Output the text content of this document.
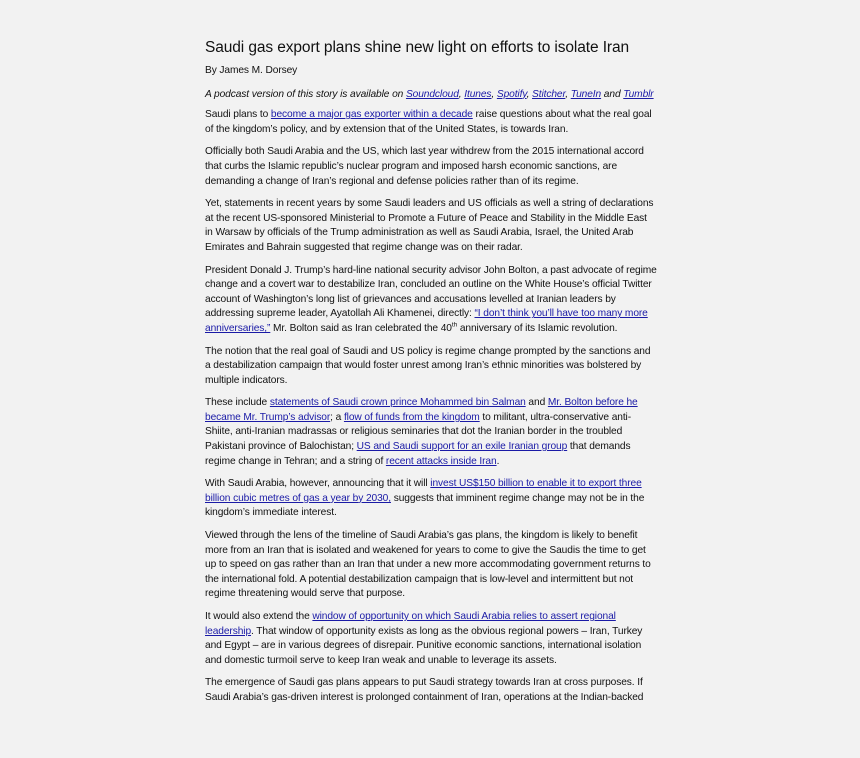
Saudi gas export plans shine new light on efforts to isolate Iran
By James M. Dorsey
A podcast version of this story is available on Soundcloud, Itunes, Spotify, Stitcher, TuneIn and Tumblr

Saudi plans to become a major gas exporter within a decade raise questions about what the real goal of the kingdom’s policy, and by extension that of the United States, is towards Iran.

Officially both Saudi Arabia and the US, which last year withdrew from the 2015 international accord that curbs the Islamic republic’s nuclear program and imposed harsh economic sanctions, are demanding a change of Iran’s regional and defense policies rather than of its regime.

Yet, statements in recent years by some Saudi leaders and US officials as well a string of declarations at the recent US-sponsored Ministerial to Promote a Future of Peace and Stability in the Middle East in Warsaw by officials of the Trump administration as well as Saudi Arabia, Israel, the United Arab Emirates and Bahrain suggested that regime change was on their radar.

President Donald J. Trump’s hard-line national security advisor John Bolton, a past advocate of regime change and a covert war to destabilize Iran, concluded an outline on the White House’s official Twitter account of Washington’s long list of grievances and accusations levelled at Iranian leaders by addressing supreme leader, Ayatollah Ali Khamenei, directly: “I don’t think you’ll have too many more anniversaries,” Mr. Bolton said as Iran celebrated the 40th anniversary of its Islamic revolution.

The notion that the real goal of Saudi and US policy is regime change prompted by the sanctions and a destabilization campaign that would foster unrest among Iran’s ethnic minorities was bolstered by multiple indicators.

These include statements of Saudi crown prince Mohammed bin Salman and Mr. Bolton before he became Mr. Trump’s advisor; a flow of funds from the kingdom to militant, ultra-conservative anti-Shiite, anti-Iranian madrassas or religious seminaries that dot the Iranian border in the troubled Pakistani province of Balochistan; US and Saudi support for an exile Iranian group that demands regime change in Tehran; and a string of recent attacks inside Iran.

With Saudi Arabia, however, announcing that it will invest US$150 billion to enable it to export three billion cubic metres of gas a year by 2030, suggests that imminent regime change may not be in the kingdom’s immediate interest.

Viewed through the lens of the timeline of Saudi Arabia’s gas plans, the kingdom is likely to benefit more from an Iran that is isolated and weakened for years to come to give the Saudis the time to get up to speed on gas rather than an Iran that under a new more accommodating government returns to the international fold. A potential destabilization campaign that is low-level and intermittent but not regime threatening would serve that purpose.

It would also extend the window of opportunity on which Saudi Arabia relies to assert regional leadership. That window of opportunity exists as long as the obvious regional powers – Iran, Turkey and Egypt – are in various degrees of disrepair. Punitive economic sanctions, international isolation and domestic turmoil serve to keep Iran weak and unable to leverage its assets.

The emergence of Saudi gas plans appears to put Saudi strategy towards Iran at cross purposes. If Saudi Arabia’s gas-driven interest is prolonged containment of Iran, operations at the Indian-backed
